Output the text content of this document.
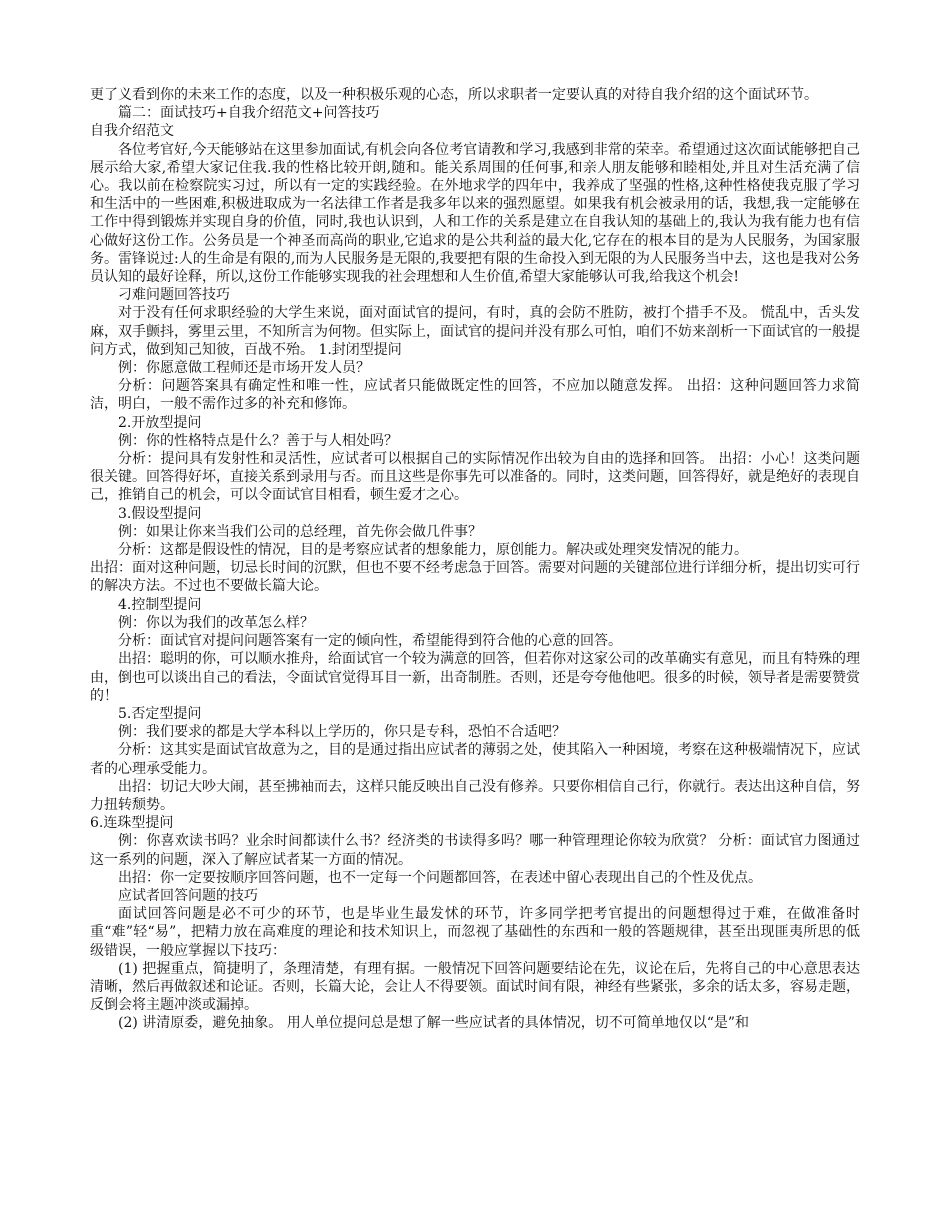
更了义看到你的未来工作的态度，以及一种积极乐观的心态，所以求职者一定要认真的对待自我介绍的这个面试环节。

篇二：面试技巧+自我介绍范文+问答技巧

自我介绍范文

各位考官好,今天能够站在这里参加面试,有机会向各位考官请教和学习,我感到非常的荣幸。希望通过这次面试能够把自己展示给大家,希望大家记住我.我的性格比较开朗,随和。能关系周围的任何事,和亲人朋友能够和睦相处,并且对生活充满了信心。我以前在检察院实习过，所以有一定的实践经验。在外地求学的四年中，我养成了坚强的性格,这种性格使我克服了学习和生活中的一些困难,积极进取成为一名法律工作者是我多年以来的强烈愿望。如果我有机会被录用的话，我想,我一定能够在工作中得到锻炼并实现自身的价值，同时,我也认识到，人和工作的关系是建立在自我认知的基础上的,我认为我有能力也有信心做好这份工作。公务员是一个神圣而高尚的职业,它追求的是公共利益的最大化,它存在的根本目的是为人民服务，为国家服务。雷锋说过:人的生命是有限的,而为人民服务是无限的,我要把有限的生命投入到无限的为人民服务当中去，这也是我对公务员认知的最好诠释，所以,这份工作能够实现我的社会理想和人生价值,希望大家能够认可我,给我这个机会!

刁难问题回答技巧

对于没有任何求职经验的大学生来说，面对面试官的提问，有时，真的会防不胜防，被打个措手不及。 慌乱中，舌头发麻，双手颤抖，雾里云里，不知所言为何物。但实际上，面试官的提问并没有那么可怕，咱们不妨来剖析一下面试官的一般提问方式，做到知己知彼，百战不殆。 1.封闭型提问

例：你愿意做工程师还是市场开发人员？

分析：问题答案具有确定性和唯一性，应试者只能做既定性的回答，不应加以随意发挥。 出招：这种问题回答力求简洁，明白，一般不需作过多的补充和修饰。

2.开放型提问

例：你的性格特点是什么？善于与人相处吗？

分析：提问具有发射性和灵活性，应试者可以根据自己的实际情况作出较为自由的选择和回答。 出招：小心！这类问题很关键。回答得好坏，直接关系到录用与否。而且这些是你事先可以准备的。同时，这类问题，回答得好，就是绝好的表现自己，推销自己的机会，可以令面试官目相看，顿生爱才之心。

3.假设型提问

例：如果让你来当我们公司的总经理，首先你会做几件事？

分析：这都是假设性的情况，目的是考察应试者的想象能力，原创能力。解决或处理突发情况的能力。

出招：面对这种问题，切忌长时间的沉默，但也不要不经考虑急于回答。需要对问题的关键部位进行详细分析，提出切实可行的解决方法。不过也不要做长篇大论。

4.控制型提问

例：你以为我们的改革怎么样？

分析：面试官对提问问题答案有一定的倾向性，希望能得到符合他的心意的回答。

出招：聪明的你，可以顺水推舟，给面试官一个较为满意的回答，但若你对这家公司的改革确实有意见，而且有特殊的理由，倒也可以谈出自己的看法，令面试官觉得耳目一新，出奇制胜。否则，还是夸夸他他吧。很多的时候，领导者是需要赞赏的！

5.否定型提问

例：我们要求的都是大学本科以上学历的，你只是专科，恐怕不合适吧？

分析：这其实是面试官故意为之，目的是通过指出应试者的薄弱之处，使其陷入一种困境，考察在这种极端情况下，应试者的心理承受能力。

出招：切记大吵大闹，甚至拂袖而去，这样只能反映出自己没有修养。只要你相信自己行，你就行。表达出这种自信，努力扭转颓势。

6.连珠型提问

例：你喜欢读书吗？业余时间都读什么书？经济类的书读得多吗？哪一种管理理论你较为欣赏？ 分析：面试官力图通过这一系列的问题，深入了解应试者某一方面的情况。

出招：你一定要按顺序回答问题，也不一定每一个问题都回答，在表述中留心表现出自己的个性及优点。

应试者回答问题的技巧

面试回答问题是必不可少的环节，也是毕业生最发怵的环节，许多同学把考官提出的问题想得过于难，在做准备时重“难”轻“易”，把精力放在高难度的理论和技术知识上，而忽视了基础性的东西和一般的答题规律，甚至出现匪夷所思的低级错误，一般应掌握以下技巧：

(1) 把握重点，简捷明了，条理清楚，有理有据。一般情况下回答问题要结论在先，议论在后，先将自己的中心意思表达清晰，然后再做叙述和论证。否则，长篇大论，会让人不得要领。面试时间有限，神经有些紧张，多余的话太多，容易走题，反倒会将主题冲淡或漏掉。

(2) 讲清原委，避免抽象。 用人单位提问总是想了解一些应试者的具体情况，切不可简单地仅以“是”和
